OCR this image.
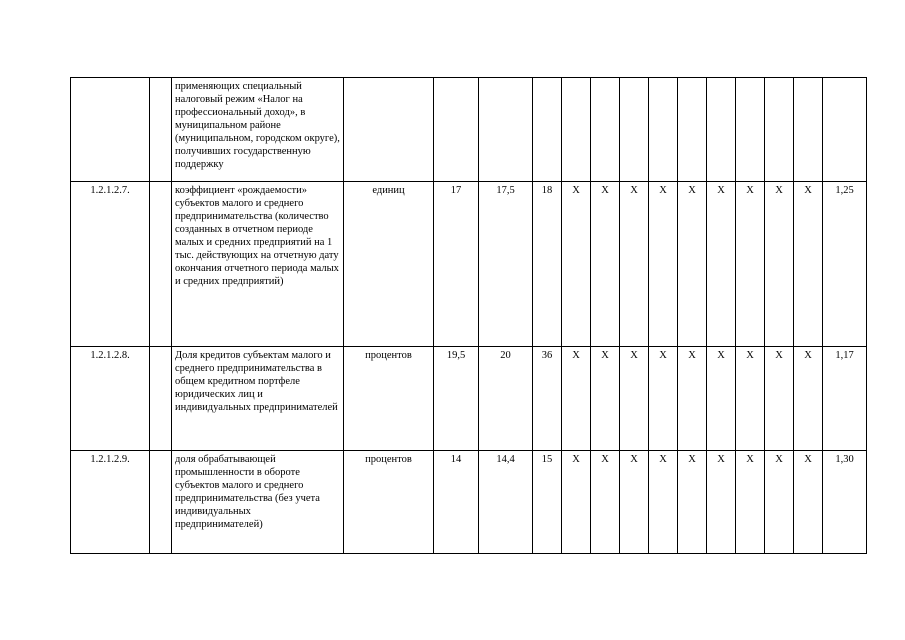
		применяющих специальный налоговый режим «Налог на профессиональный доход», в муниципальном районе (муниципальном, городском округе), получивших государственную поддержку														
1.2.1.2.7.		коэффициент «рождаемости» субъектов малого и среднего предпринимательства (количество созданных в отчетном периоде малых и средних предприятий на 1 тыс. действующих на отчетную дату окончания отчетного периода малых и средних предприятий)	единиц	17	17,5	18	Х	Х	Х	Х	Х	Х	Х	Х	Х	1,25
1.2.1.2.8.		Доля кредитов субъектам малого и среднего предпринимательства в общем кредитном портфеле юридических лиц и индивидуальных предпринимателей	процентов	19,5	20	36	Х	Х	Х	Х	Х	Х	Х	Х	Х	1,17
1.2.1.2.9.		доля обрабатывающей промышленности в обороте субъектов малого и среднего предпринимательства (без учета индивидуальных предпринимателей)	процентов	14	14,4	15	Х	Х	Х	Х	Х	Х	Х	Х	Х	1,30
